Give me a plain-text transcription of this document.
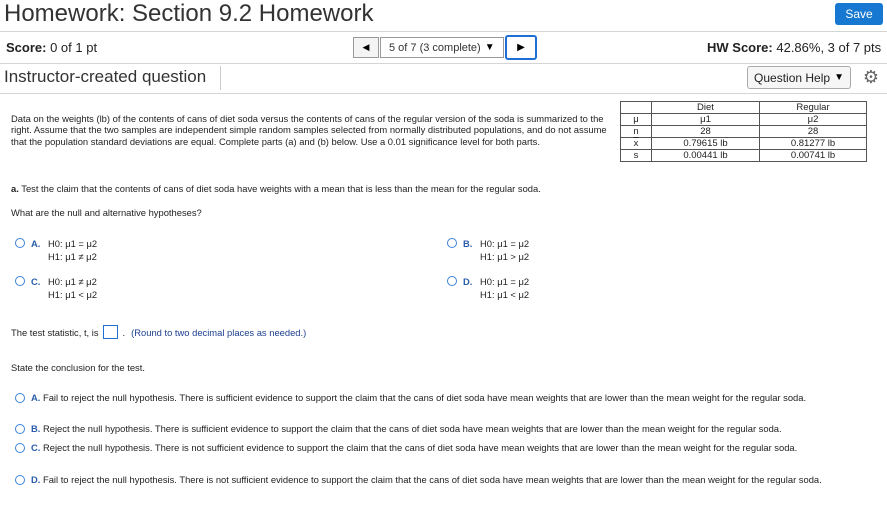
Homework: Section 9.2 Homework	Save
Score: 0 of 1 pt	◀ 5 of 7 (3 complete) ▼ ▶	HW Score: 42.86%, 3 of 7 pts
Instructor-created question	Question Help ▼ ⚙
Data on the weights (lb) of the contents of cans of diet soda versus the contents of cans of the regular version of the soda is summarized to the right. Assume that the two samples are independent simple random samples selected from normally distributed populations, and do not assume that the population standard deviations are equal. Complete parts (a) and (b) below. Use a 0.01 significance level for both parts.
	Diet	Regular
μ	μ1	μ2
n	28	28
$\overline{x}$	0.79615 lb	0.81277 lb
s	0.00441 lb	0.00741 lb
a. Test the claim that the contents of cans of diet soda have weights with a mean that is less than the mean for the regular soda.
What are the null and alternative hypotheses?
A. H0: μ1 = μ2
H1: μ1 ≠ μ2
B. H0: μ1 = μ2
H1: μ1 > μ2
C. H0: μ1 ≠ μ2
H1: μ1 < μ2
D. H0: μ1 = μ2
H1: μ1 < μ2
The test statistic, t, is	. (Round to two decimal places as needed.)
State the conclusion for the test.
A. Fail to reject the null hypothesis. There is sufficient evidence to support the claim that the cans of diet soda have mean weights that are lower than the mean weight for the regular soda.
B. Reject the null hypothesis. There is sufficient evidence to support the claim that the cans of diet soda have mean weights that are lower than the mean weight for the regular soda.
C. Reject the null hypothesis. There is not sufficient evidence to support the claim that the cans of diet soda have mean weights that are lower than the mean weight for the regular soda.
D. Fail to reject the null hypothesis. There is not sufficient evidence to support the claim that the cans of diet soda have mean weights that are lower than the mean weight for the regular soda.
